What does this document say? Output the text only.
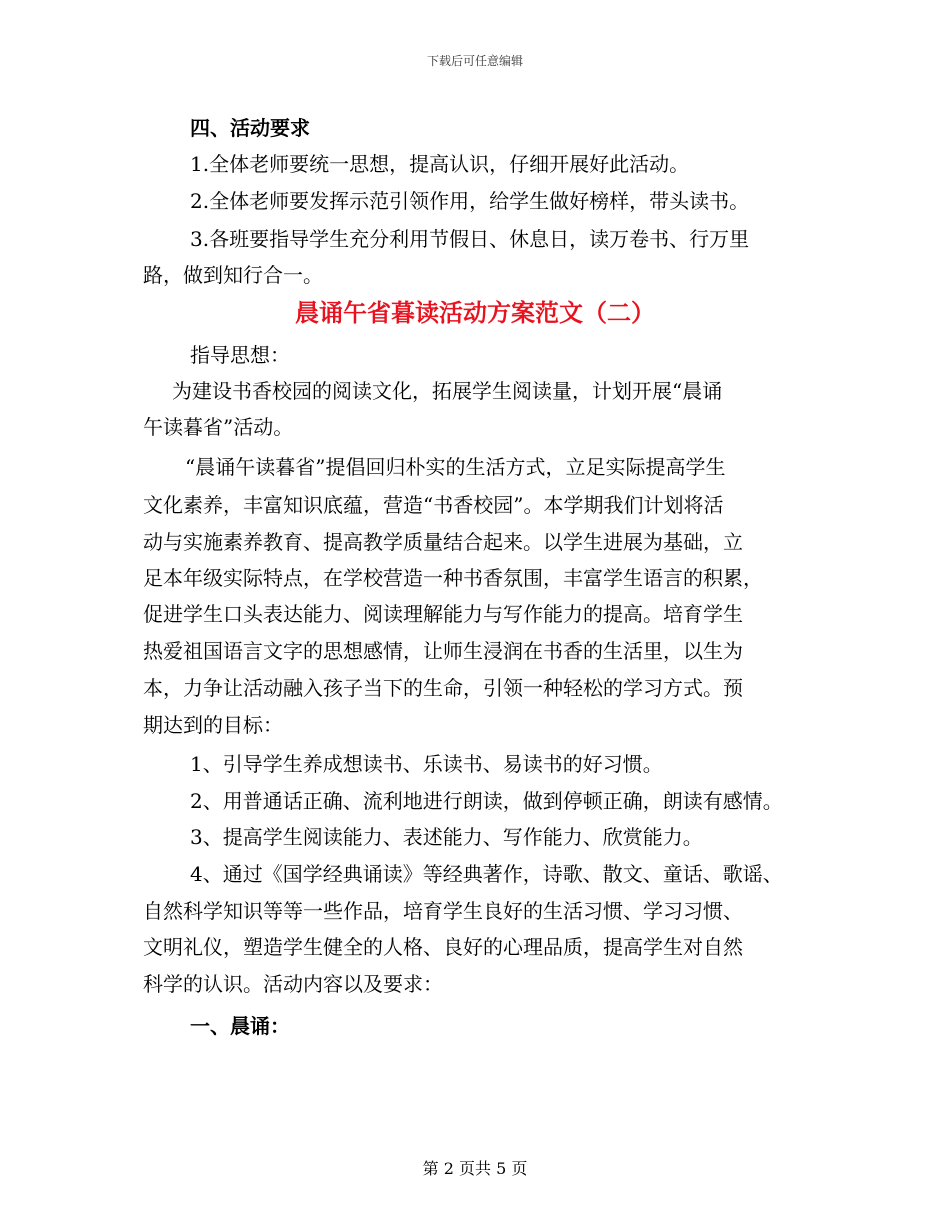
下载后可任意编辑
四、活动要求
1.全体老师要统一思想，提高认识，仔细开展好此活动。
2.全体老师要发挥示范引领作用，给学生做好榜样，带头读书。
3.各班要指导学生充分利用节假日、休息日，读万卷书、行万里
路，做到知行合一。
晨诵午省暮读活动方案范文（二）
指导思想：
为建设书香校园的阅读文化，拓展学生阅读量，计划开展“晨诵
午读暮省”活动。
“晨诵午读暮省”提倡回归朴实的生活方式，立足实际提高学生
文化素养，丰富知识底蕴，营造“书香校园”。本学期我们计划将活
动与实施素养教育、提高教学质量结合起来。以学生进展为基础，立
足本年级实际特点，在学校营造一种书香氛围，丰富学生语言的积累，
促进学生口头表达能力、阅读理解能力与写作能力的提高。培育学生
热爱祖国语言文字的思想感情，让师生浸润在书香的生活里，以生为
本，力争让活动融入孩子当下的生命，引领一种轻松的学习方式。预
期达到的目标：
1、引导学生养成想读书、乐读书、易读书的好习惯。
2、用普通话正确、流利地进行朗读，做到停顿正确，朗读有感情。
3、提高学生阅读能力、表述能力、写作能力、欣赏能力。
4、通过《国学经典诵读》等经典著作，诗歌、散文、童话、歌谣、
自然科学知识等等一些作品，培育学生良好的生活习惯、学习习惯、
文明礼仪，塑造学生健全的人格、良好的心理品质，提高学生对自然
科学的认识。活动内容以及要求：
一、晨诵：
第 2 页共 5 页
